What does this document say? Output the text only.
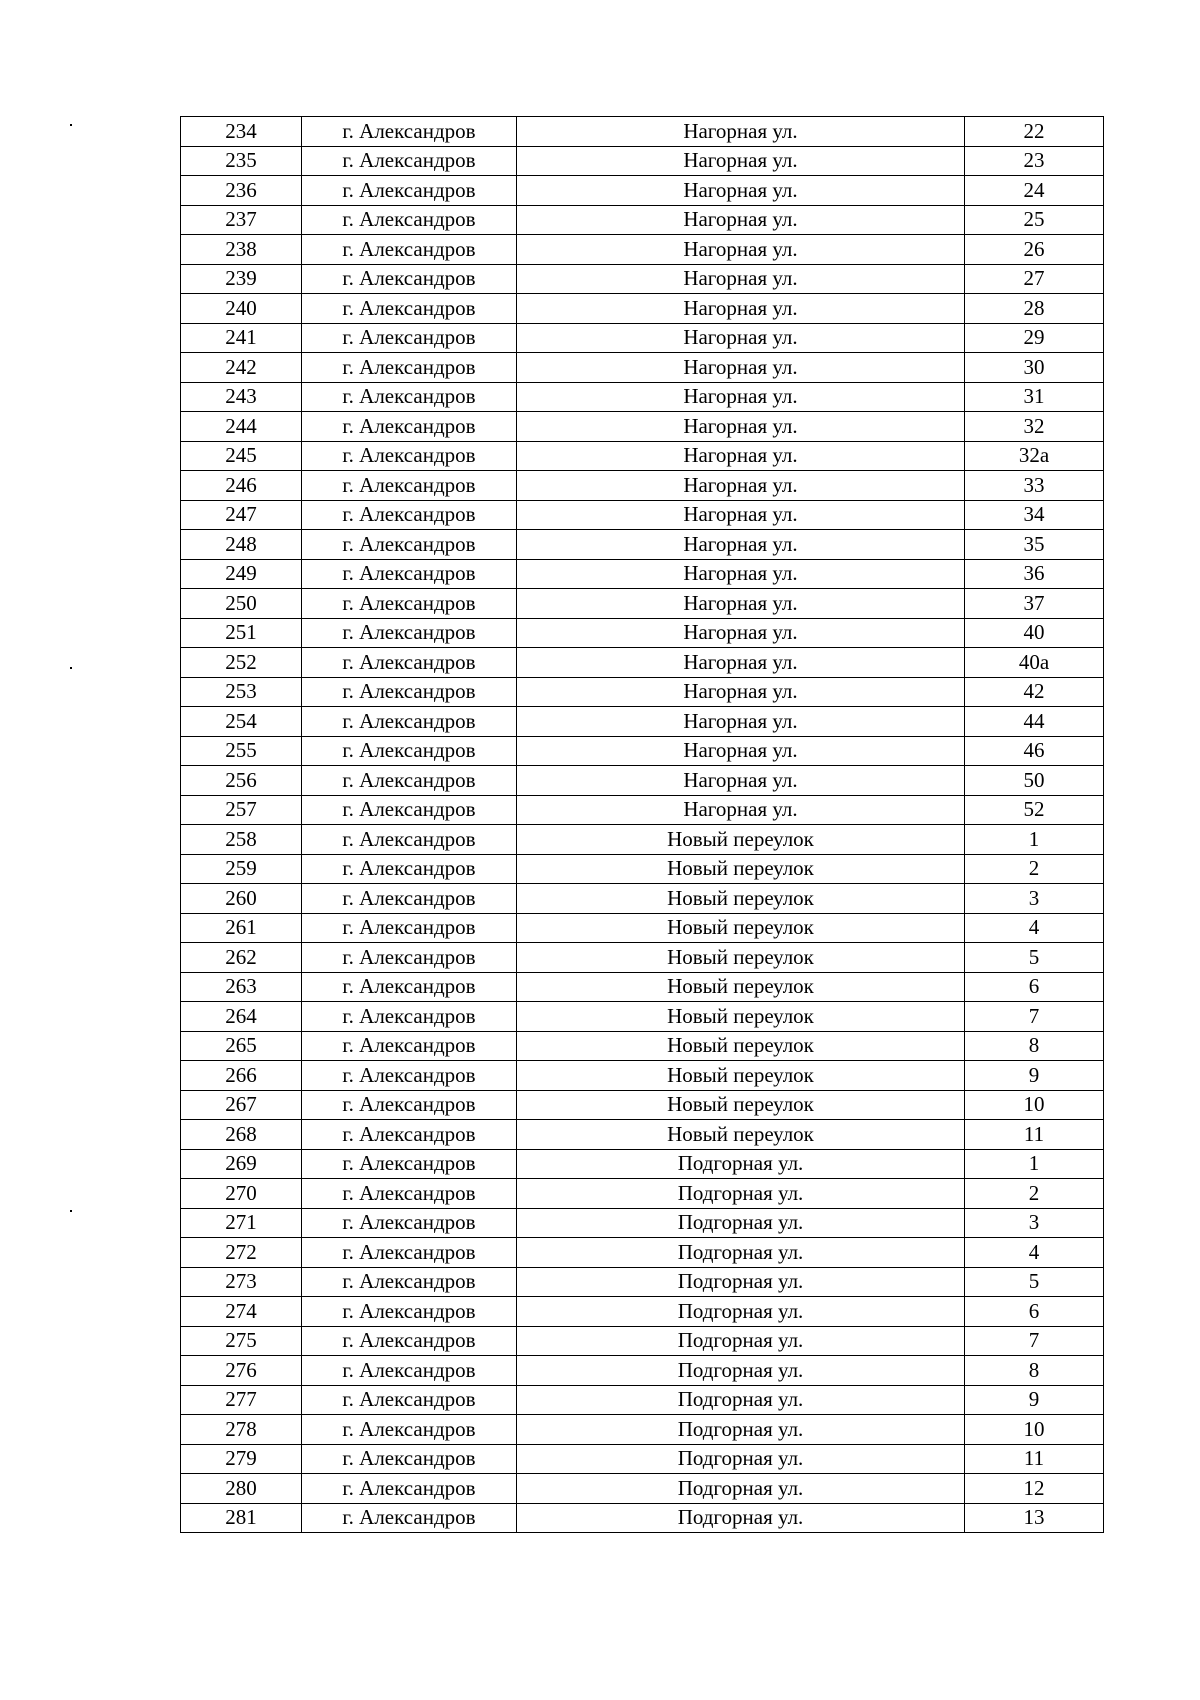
234	г. Александров	Нагорная ул.	22
235	г. Александров	Нагорная ул.	23
236	г. Александров	Нагорная ул.	24
237	г. Александров	Нагорная ул.	25
238	г. Александров	Нагорная ул.	26
239	г. Александров	Нагорная ул.	27
240	г. Александров	Нагорная ул.	28
241	г. Александров	Нагорная ул.	29
242	г. Александров	Нагорная ул.	30
243	г. Александров	Нагорная ул.	31
244	г. Александров	Нагорная ул.	32
245	г. Александров	Нагорная ул.	32а
246	г. Александров	Нагорная ул.	33
247	г. Александров	Нагорная ул.	34
248	г. Александров	Нагорная ул.	35
249	г. Александров	Нагорная ул.	36
250	г. Александров	Нагорная ул.	37
251	г. Александров	Нагорная ул.	40
252	г. Александров	Нагорная ул.	40а
253	г. Александров	Нагорная ул.	42
254	г. Александров	Нагорная ул.	44
255	г. Александров	Нагорная ул.	46
256	г. Александров	Нагорная ул.	50
257	г. Александров	Нагорная ул.	52
258	г. Александров	Новый переулок	1
259	г. Александров	Новый переулок	2
260	г. Александров	Новый переулок	3
261	г. Александров	Новый переулок	4
262	г. Александров	Новый переулок	5
263	г. Александров	Новый переулок	6
264	г. Александров	Новый переулок	7
265	г. Александров	Новый переулок	8
266	г. Александров	Новый переулок	9
267	г. Александров	Новый переулок	10
268	г. Александров	Новый переулок	11
269	г. Александров	Подгорная ул.	1
270	г. Александров	Подгорная ул.	2
271	г. Александров	Подгорная ул.	3
272	г. Александров	Подгорная ул.	4
273	г. Александров	Подгорная ул.	5
274	г. Александров	Подгорная ул.	6
275	г. Александров	Подгорная ул.	7
276	г. Александров	Подгорная ул.	8
277	г. Александров	Подгорная ул.	9
278	г. Александров	Подгорная ул.	10
279	г. Александров	Подгорная ул.	11
280	г. Александров	Подгорная ул.	12
281	г. Александров	Подгорная ул.	13
